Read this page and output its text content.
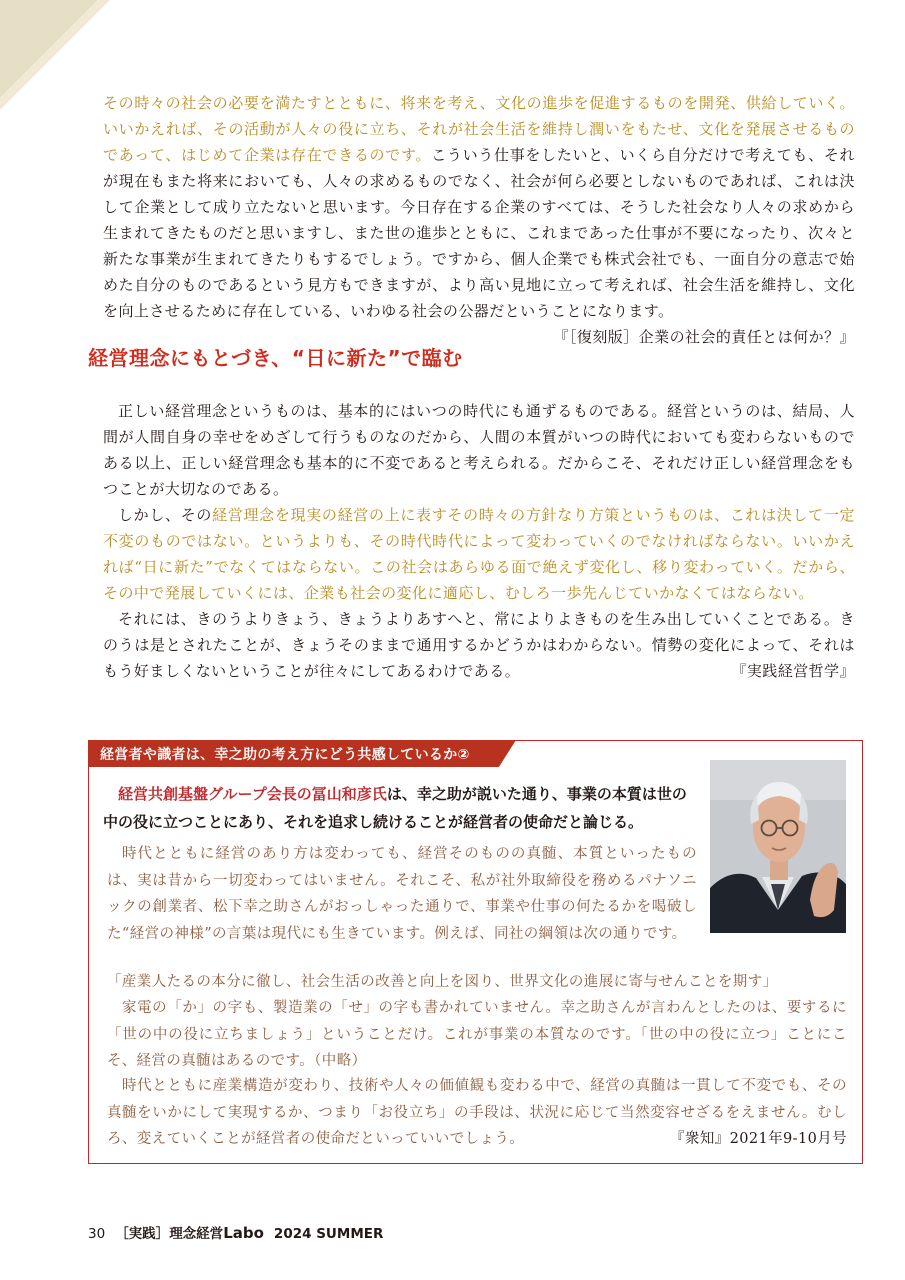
その時々の社会の必要を満たすとともに、将来を考え、文化の進歩を促進するものを開発、供給していく。いいかえれば、その活動が人々の役に立ち、それが社会生活を維持し潤いをもたせ、文化を発展させるものであって、はじめて企業は存在できるのです。こういう仕事をしたいと、いくら自分だけで考えても、それが現在もまた将来においても、人々の求めるものでなく、社会が何ら必要としないものであれば、これは決して企業として成り立たないと思います。今日存在する企業のすべては、そうした社会なり人々の求めから生まれてきたものだと思いますし、また世の進歩とともに、これまであった仕事が不要になったり、次々と新たな事業が生まれてきたりもするでしょう。ですから、個人企業でも株式会社でも、一面自分の意志で始めた自分のものであるという見方もできますが、より高い見地に立って考えれば、社会生活を維持し、文化を向上させるために存在している、いわゆる社会の公器だということになります。
『［復刻版］企業の社会的責任とは何か？』

経営理念にもとづき、“日に新た”で臨む

正しい経営理念というものは、基本的にはいつの時代にも通ずるものである。経営というのは、結局、人間が人間自身の幸せをめざして行うものなのだから、人間の本質がいつの時代においても変わらないものである以上、正しい経営理念も基本的に不変であると考えられる。だからこそ、それだけ正しい経営理念をもつことが大切なのである。

しかし、その経営理念を現実の経営の上に表すその時々の方針なり方策というものは、これは決して一定不変のものではない。というよりも、その時代時代によって変わっていくのでなければならない。いいかえれば“日に新た”でなくてはならない。この社会はあらゆる面で絶えず変化し、移り変わっていく。だから、その中で発展していくには、企業も社会の変化に適応し、むしろ一歩先んじていかなくてはならない。

それには、きのうよりきょう、きょうよりあすへと、常によりよきものを生み出していくことである。きのうは是とされたことが、きょうそのままで通用するかどうかはわからない。情勢の変化によって、それはもう好ましくないということが往々にしてあるわけである。	『実践経営哲学』

経営者や識者は、幸之助の考え方にどう共感しているか②

経営共創基盤グループ会長の冨山和彦氏は、幸之助が説いた通り、事業の本質は世の中の役に立つことにあり、それを追求し続けることが経営者の使命だと論じる。

時代とともに経営のあり方は変わっても、経営そのものの真髄、本質といったものは、実は昔から一切変わってはいません。それこそ、私が社外取締役を務めるパナソニックの創業者、松下幸之助さんがおっしゃった通りで、事業や仕事の何たるかを喝破した“経営の神様”の言葉は現代にも生きています。例えば、同社の綱領は次の通りです。

「産業人たるの本分に徹し、社会生活の改善と向上を図り、世界文化の進展に寄与せんことを期す」

家電の「か」の字も、製造業の「せ」の字も書かれていません。幸之助さんが言わんとしたのは、要するに「世の中の役に立ちましょう」ということだけ。これが事業の本質なのです。「世の中の役に立つ」ことにこそ、経営の真髄はあるのです。（中略）

時代とともに産業構造が変わり、技術や人々の価値観も変わる中で、経営の真髄は一貫して不変でも、その真髄をいかにして実現するか、つまり「お役立ち」の手段は、状況に応じて当然変容せざるをえません。むしろ、変えていくことが経営者の使命だといっていいでしょう。	『衆知』2021年9-10月号

30 ［実践］理念経営Labo 2024 SUMMER
